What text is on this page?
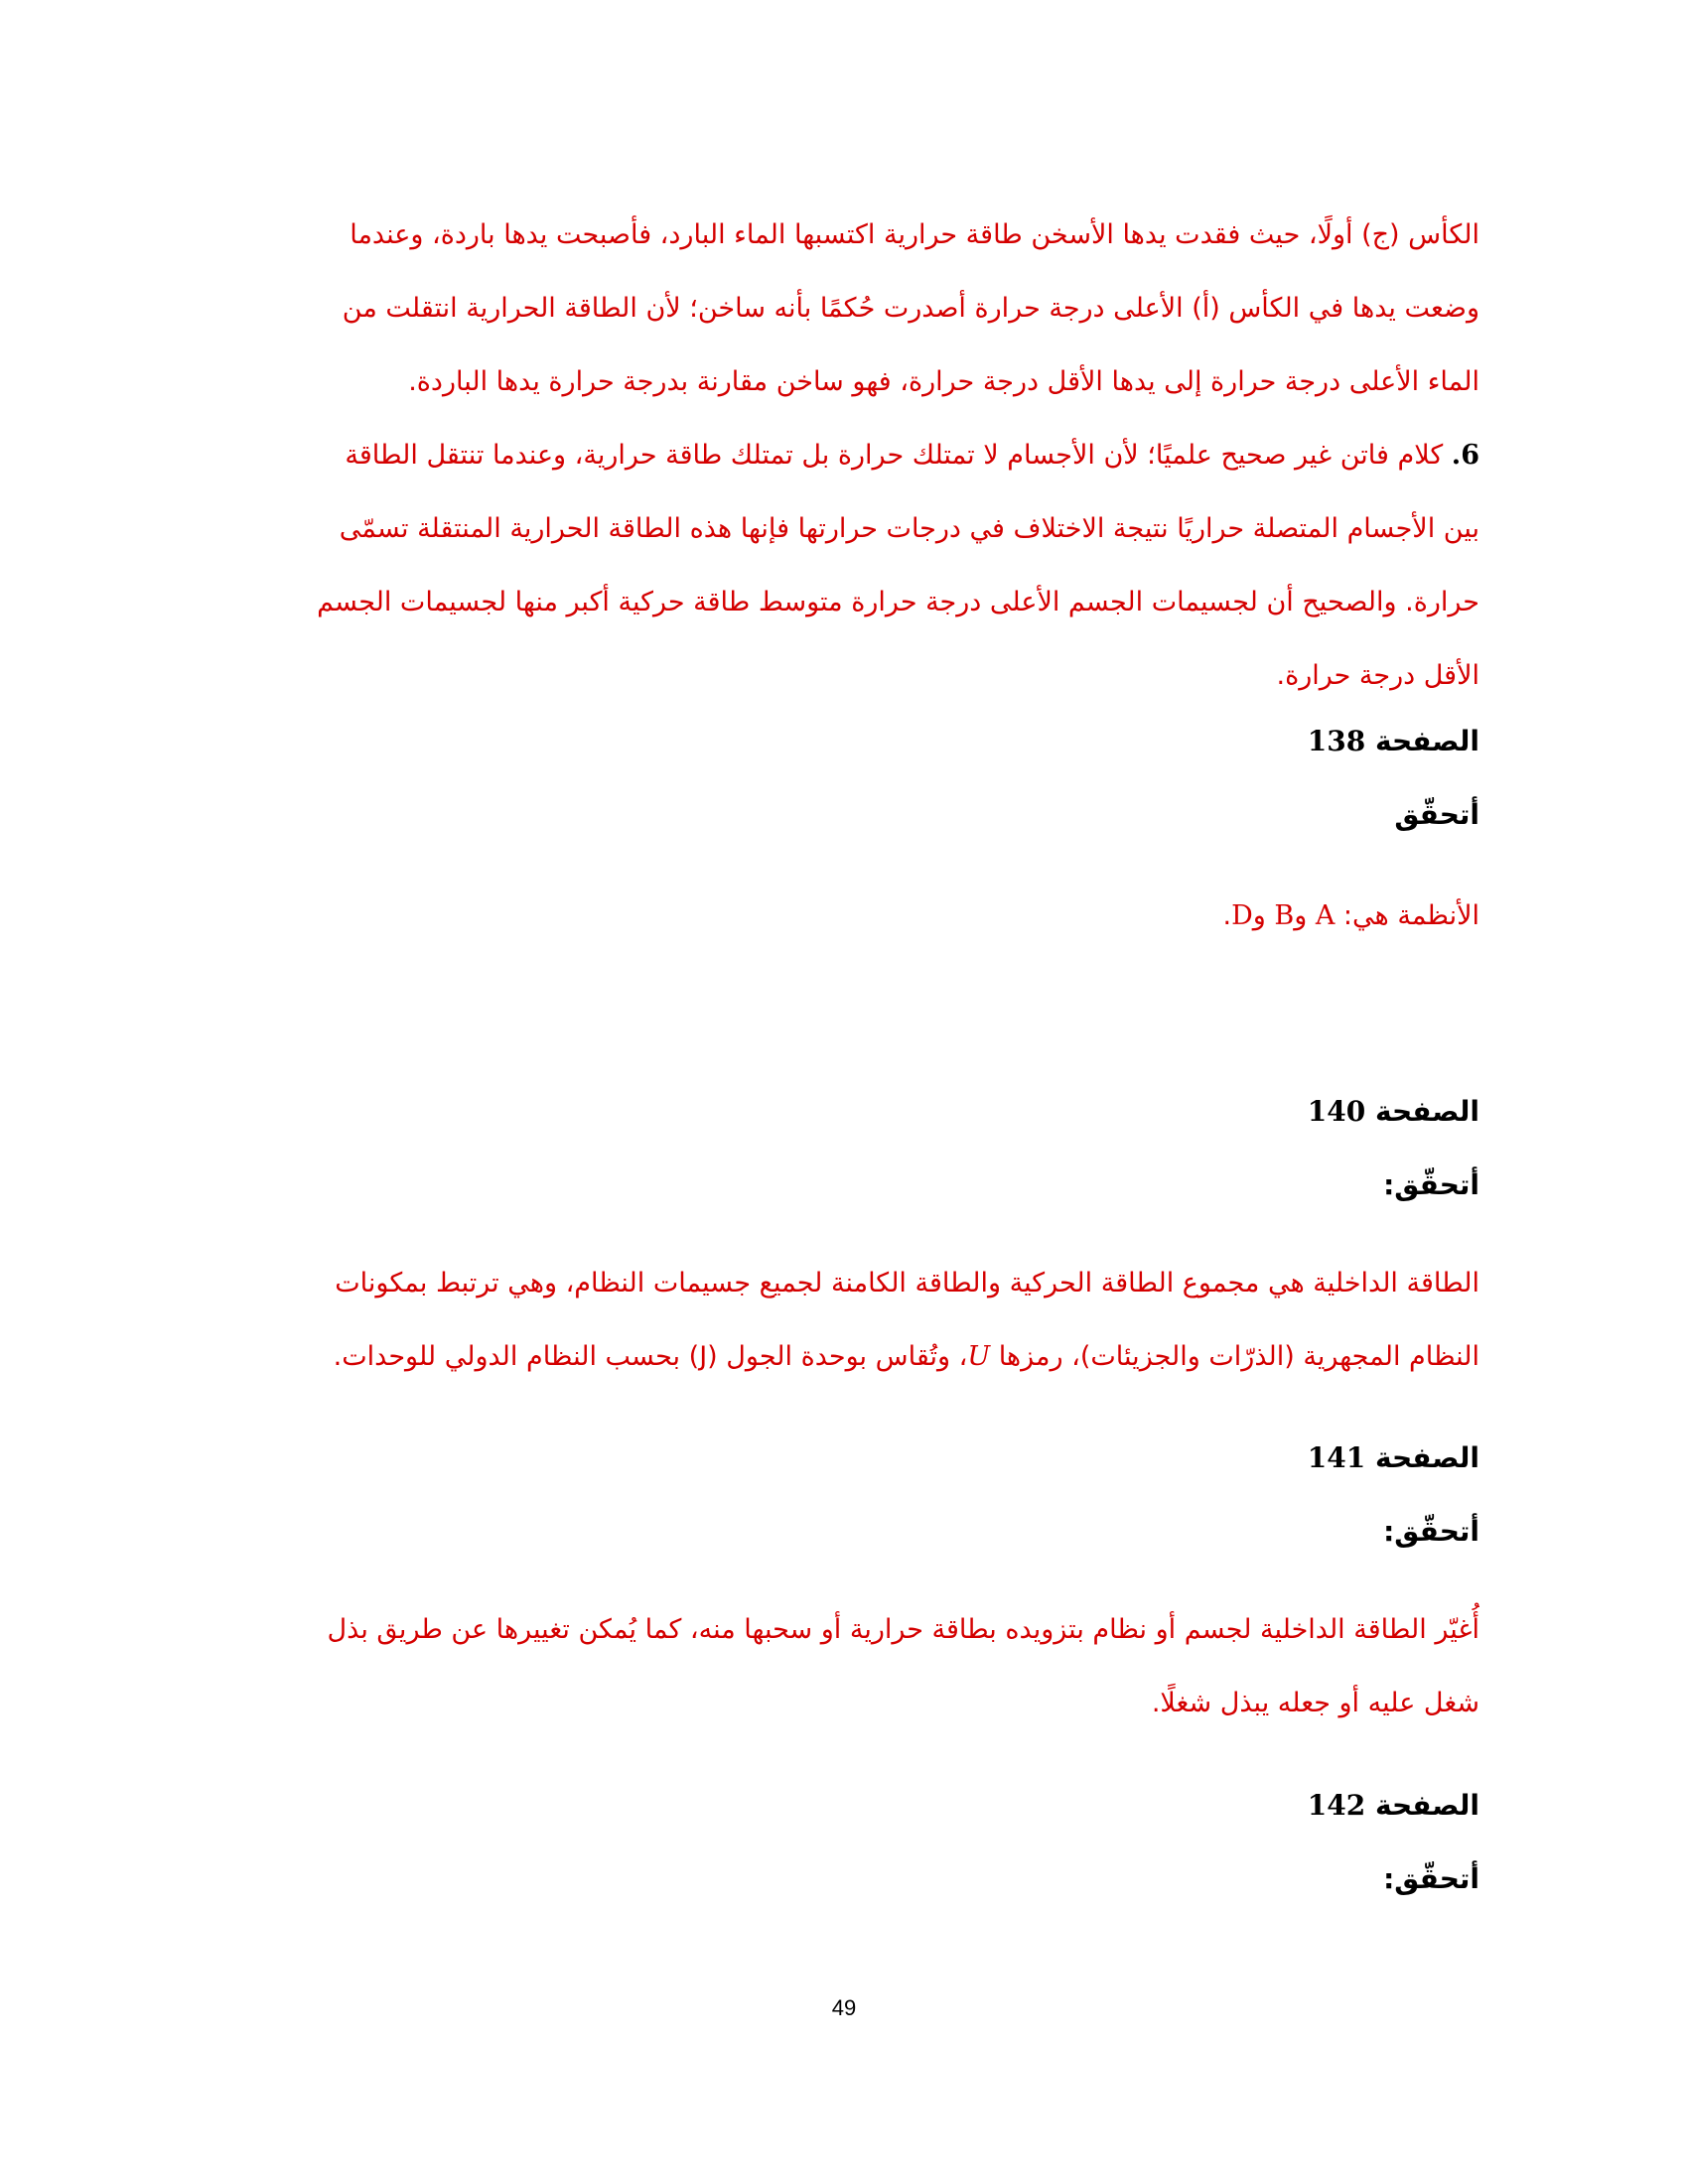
الكأس (ج) أولًا، حيث فقدت يدها الأسخن طاقة حرارية اكتسبها الماء البارد، فأصبحت يدها باردة، وعندما
وضعت يدها في الكأس (أ) الأعلى درجة حرارة أصدرت حُكمًا بأنه ساخن؛ لأن الطاقة الحرارية انتقلت من
الماء الأعلى درجة حرارة إلى يدها الأقل درجة حرارة، فهو ساخن مقارنة بدرجة حرارة يدها الباردة.
6. كلام فاتن غير صحيح علميًا؛ لأن الأجسام لا تمتلك حرارة بل تمتلك طاقة حرارية، وعندما تنتقل الطاقة
بين الأجسام المتصلة حراريًا نتيجة الاختلاف في درجات حرارتها فإنها هذه الطاقة الحرارية المنتقلة تسمّى
حرارة. والصحيح أن لجسيمات الجسم الأعلى درجة حرارة متوسط طاقة حركية أكبر منها لجسيمات الجسم
الأقل درجة حرارة.
الصفحة 138
أتحقّق
الأنظمة هي: A وB وD.
الصفحة 140
أتحقّق:
الطاقة الداخلية هي مجموع الطاقة الحركية والطاقة الكامنة لجميع جسيمات النظام، وهي ترتبط بمكونات
النظام المجهرية (الذرّات والجزيئات)، رمزها U، وتُقاس بوحدة الجول (J) بحسب النظام الدولي للوحدات.
الصفحة 141
أتحقّق:
أُغيّر الطاقة الداخلية لجسم أو نظام بتزويده بطاقة حرارية أو سحبها منه، كما يُمكن تغييرها عن طريق بذل
شغل عليه أو جعله يبذل شغلًا.
الصفحة 142
أتحقّق:
49
